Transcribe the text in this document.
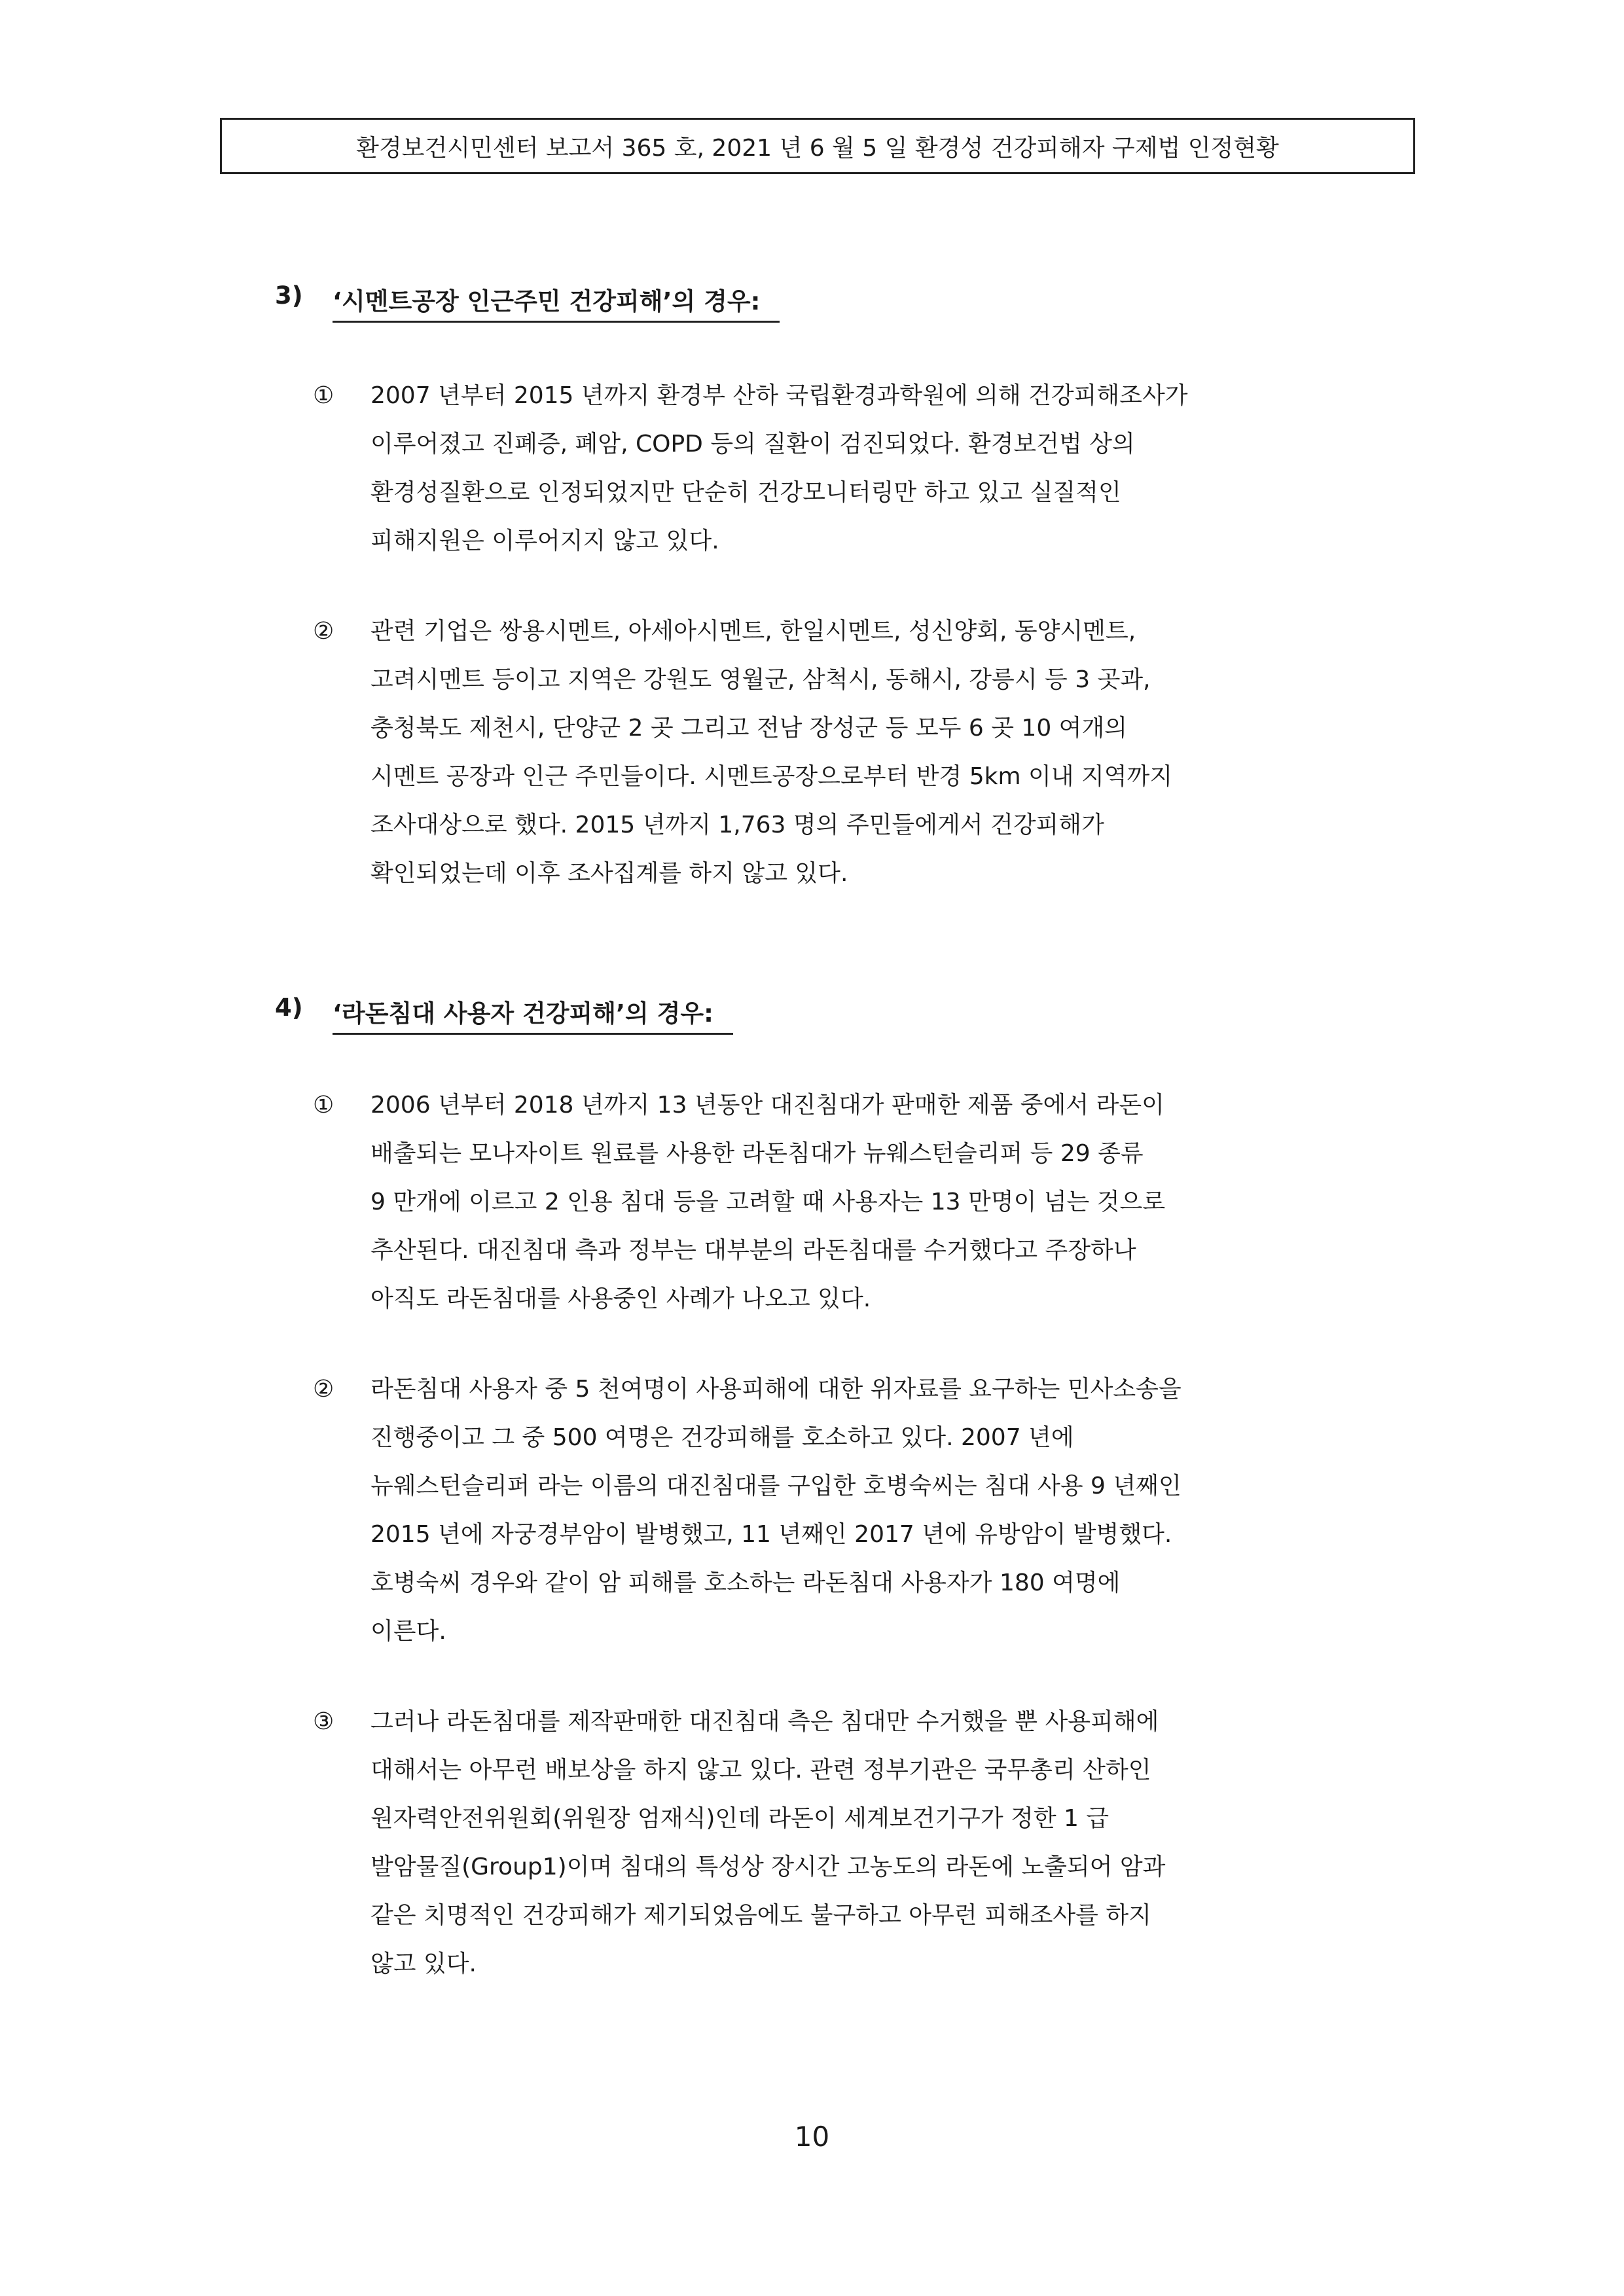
환경보건시민센터 보고서 365 호, 2021 년 6 월 5 일 환경성 건강피해자 구제법 인정현황
3) ‘시멘트공장 인근주민 건강피해’의 경우:
① 2007 년부터 2015 년까지 환경부 산하 국립환경과학원에 의해 건강피해조사가
이루어졌고 진폐증, 폐암, COPD 등의 질환이 검진되었다. 환경보건법 상의
환경성질환으로 인정되었지만 단순히 건강모니터링만 하고 있고 실질적인
피해지원은 이루어지지 않고 있다.
② 관련 기업은 쌍용시멘트, 아세아시멘트, 한일시멘트, 성신양회, 동양시멘트,
고려시멘트 등이고 지역은 강원도 영월군, 삼척시, 동해시, 강릉시 등 3 곳과,
충청북도 제천시, 단양군 2 곳 그리고 전남 장성군 등 모두 6 곳 10 여개의
시멘트 공장과 인근 주민들이다. 시멘트공장으로부터 반경 5km 이내 지역까지
조사대상으로 했다. 2015 년까지 1,763 명의 주민들에게서 건강피해가
확인되었는데 이후 조사집계를 하지 않고 있다.
4) ‘라돈침대 사용자 건강피해’의 경우:
① 2006 년부터 2018 년까지 13 년동안 대진침대가 판매한 제품 중에서 라돈이
배출되는 모나자이트 원료를 사용한 라돈침대가 뉴웨스턴슬리퍼 등 29 종류
9 만개에 이르고 2 인용 침대 등을 고려할 때 사용자는 13 만명이 넘는 것으로
추산된다. 대진침대 측과 정부는 대부분의 라돈침대를 수거했다고 주장하나
아직도 라돈침대를 사용중인 사례가 나오고 있다.
② 라돈침대 사용자 중 5 천여명이 사용피해에 대한 위자료를 요구하는 민사소송을
진행중이고 그 중 500 여명은 건강피해를 호소하고 있다. 2007 년에
뉴웨스턴슬리퍼 라는 이름의 대진침대를 구입한 호병숙씨는 침대 사용 9 년째인
2015 년에 자궁경부암이 발병했고, 11 년째인 2017 년에 유방암이 발병했다.
호병숙씨 경우와 같이 암 피해를 호소하는 라돈침대 사용자가 180 여명에
이른다.
③ 그러나 라돈침대를 제작판매한 대진침대 측은 침대만 수거했을 뿐 사용피해에
대해서는 아무런 배보상을 하지 않고 있다. 관련 정부기관은 국무총리 산하인
원자력안전위원회(위원장 엄재식)인데 라돈이 세계보건기구가 정한 1 급
발암물질(Group1)이며 침대의 특성상 장시간 고농도의 라돈에 노출되어 암과
같은 치명적인 건강피해가 제기되었음에도 불구하고 아무런 피해조사를 하지
않고 있다.
10
